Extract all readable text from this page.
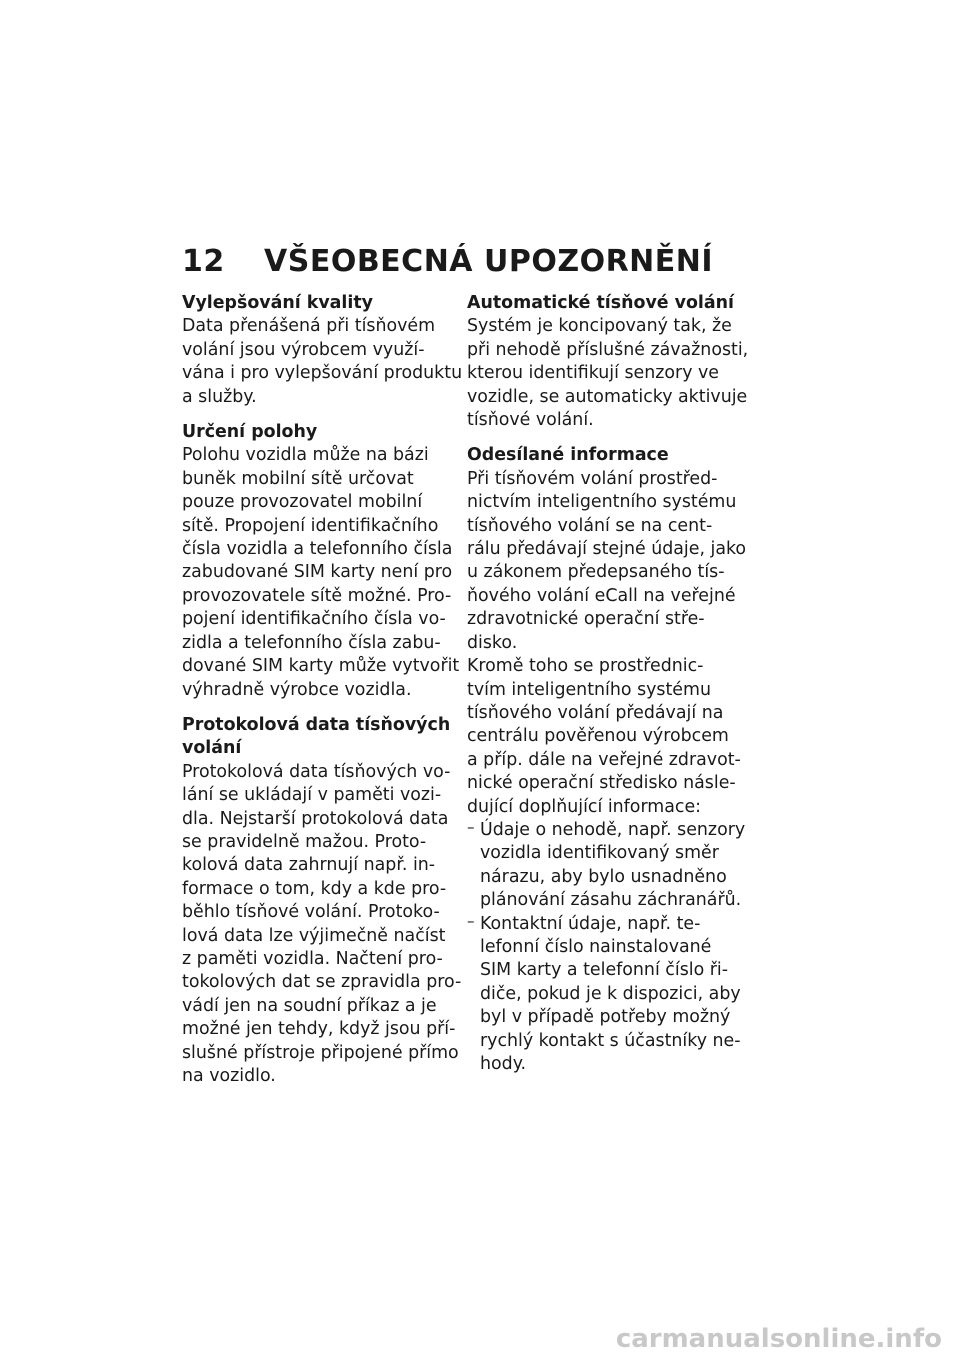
12 VŠEOBECNÁ UPOZORNĚNÍ
Vylepšování kvality
Data přenášená při tísňovém
volání jsou výrobcem využí-
vána i pro vylepšování produktu
a služby.
Určení polohy
Polohu vozidla může na bázi
buněk mobilní sítě určovat
pouze provozovatel mobilní
sítě. Propojení identifikačního
čísla vozidla a telefonního čísla
zabudované SIM karty není pro
provozovatele sítě možné. Pro-
pojení identifikačního čísla vo-
zidla a telefonního čísla zabu-
dované SIM karty může vytvořit
výhradně výrobce vozidla.
Protokolová data tísňových
volání
Protokolová data tísňových vo-
lání se ukládají v paměti vozi-
dla. Nejstarší protokolová data
se pravidelně mažou. Proto-
kolová data zahrnují např. in-
formace o tom, kdy a kde pro-
běhlo tísňové volání. Protoko-
lová data lze výjimečně načíst
z paměti vozidla. Načtení pro-
tokolových dat se zpravidla pro-
vádí jen na soudní příkaz a je
možné jen tehdy, když jsou pří-
slušné přístroje připojené přímo
na vozidlo.
Automatické tísňové volání
Systém je koncipovaný tak, že
při nehodě příslušné závažnosti,
kterou identifikují senzory ve
vozidle, se automaticky aktivuje
tísňové volání.
Odesílané informace
Při tísňovém volání prostřed-
nictvím inteligentního systému
tísňového volání se na cent-
rálu předávají stejné údaje, jako
u zákonem předepsaného tís-
ňového volání eCall na veřejné
zdravotnické operační stře-
disko.
Kromě toho se prostřednic-
tvím inteligentního systému
tísňového volání předávají na
centrálu pověřenou výrobcem
a příp. dále na veřejné zdravot-
nické operační středisko násle-
dující doplňující informace:
– Údaje o nehodě, např. senzory
vozidla identifikovaný směr
nárazu, aby bylo usnadněno
plánování zásahu záchranářů.
– Kontaktní údaje, např. te-
lefonní číslo nainstalované
SIM karty a telefonní číslo ři-
diče, pokud je k dispozici, aby
byl v případě potřeby možný
rychlý kontakt s účastníky ne-
hody.
carmanualsonline.info
